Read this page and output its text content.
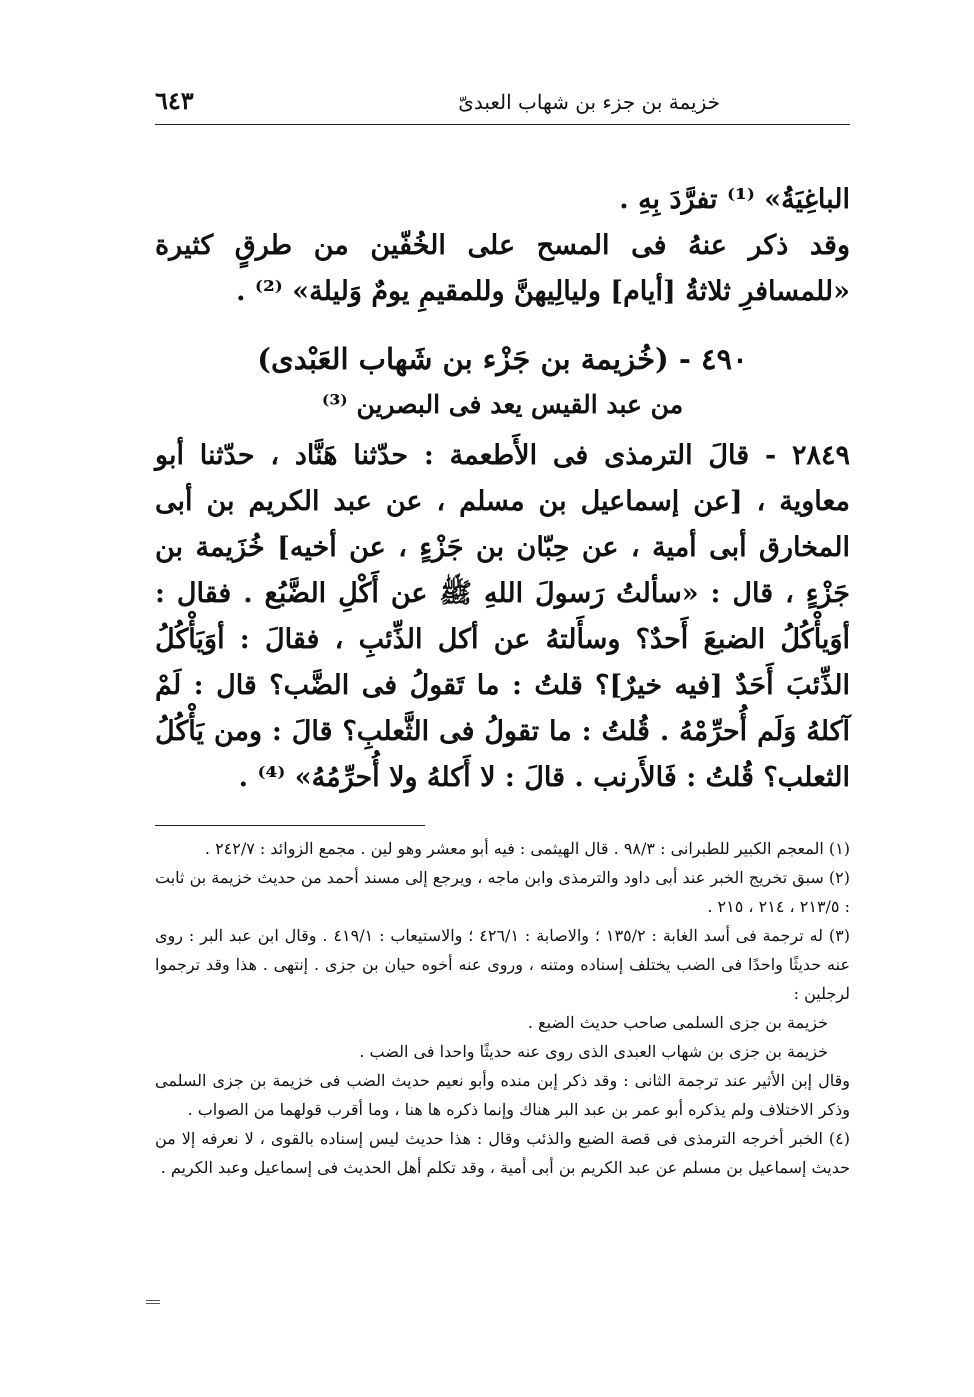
خزيمة بن جزء بن شهاب العبدىّ
٦٤٣

الباغِيَةُ» ⁽¹⁾ تفرَّدَ بِهِ .

وقد ذكر عنهُ فى المسح على الخُفّين من طرقٍ كثيرة «للمسافرِ ثلاثةُ [أيام] وليالِيهنَّ وللمقيمِ يومٌ وَليلة» ⁽²⁾ .

٤٩٠ - (خُزيمة بن جَزْء بن شَهاب العَبْدى)
من عبد القيس يعد فى البصرين ⁽³⁾

٢٨٤٩ - قالَ الترمذى فى الأَطعمة : حدّثنا هَنَّاد ، حدّثنا أبو معاوية ، [عن إسماعيل بن مسلم ، عن عبد الكريم بن أبى المخارق أبى أمية ، عن حِبّان بن جَزْءٍ ، عن أخيه] خُزَيمة بن جَزْءٍ ، قال : «سألتُ رَسولَ اللهِ ﷺ عن أَكْلِ الضَّبُع . فقال : أوَيأْكُلُ الضبعَ أَحدٌ؟ وسأَلتهُ عن أكل الذِّئبِ ، فقالَ : أوَيَأْكُلُ الذِّئبَ أَحَدٌ [فيه خيرٌ]؟ قلتُ : ما تَقولُ فى الضَّب؟ قال : لَمْ آكلهُ وَلَم أُحرِّمْهُ . قُلتُ : ما تقولُ فى الثَّعلبِ؟ قالَ : ومن يَأْكُلُ الثعلب؟ قُلتُ : فَالأَرنب . قالَ : لا أَكلهُ ولا أُحرِّمُهُ» ⁽⁴⁾ .

(١) المعجم الكبير للطبرانى : ٩٨/٣ . قال الهيثمى : فيه أبو معشر وهو لين . مجمع الزوائد : ٢٤٢/٧ .

(٢) سبق تخريج الخبر عند أبى داود والترمذى وابن ماجه ، ويرجع إلى مسند أحمد من حديث خزيمة بن ثابت : ٢١٣/٥ ، ٢١٤ ، ٢١٥ .

(٣) له ترجمة فى أسد الغابة : ١٣٥/٢ ؛ والاصابة : ٤٢٦/١ ؛ والاستيعاب : ٤١٩/١ . وقال ابن عبد البر : روى عنه حديثًا واحدًا فى الضب يختلف إسناده ومتنه ، وروى عنه أخوه حيان بن جزى . إنتهى . هذا وقد ترجموا لرجلين :

خزيمة بن جزى السلمى صاحب حديث الضبع .

خزيمة بن جزى بن شهاب العبدى الذى روى عنه حديثًا واحدا فى الضب .

وقال إبن الأثير عند ترجمة الثانى : وقد ذكر إبن منده وأبو نعيم حديث الضب فى خزيمة بن جزى السلمى وذكر الاختلاف ولم يذكره أبو عمر بن عبد البر هناك وإنما ذكره ها هنا ، وما أقرب قولهما من الصواب .

(٤) الخبر أخرجه الترمذى فى قصة الضبع والذئب وقال : هذا حديث ليس إسناده بالقوى ، لا نعرفه إلا من حديث إسماعيل بن مسلم عن عبد الكريم بن أبى أمية ، وقد تكلم أهل الحديث فى إسماعيل وعبد الكريم .
